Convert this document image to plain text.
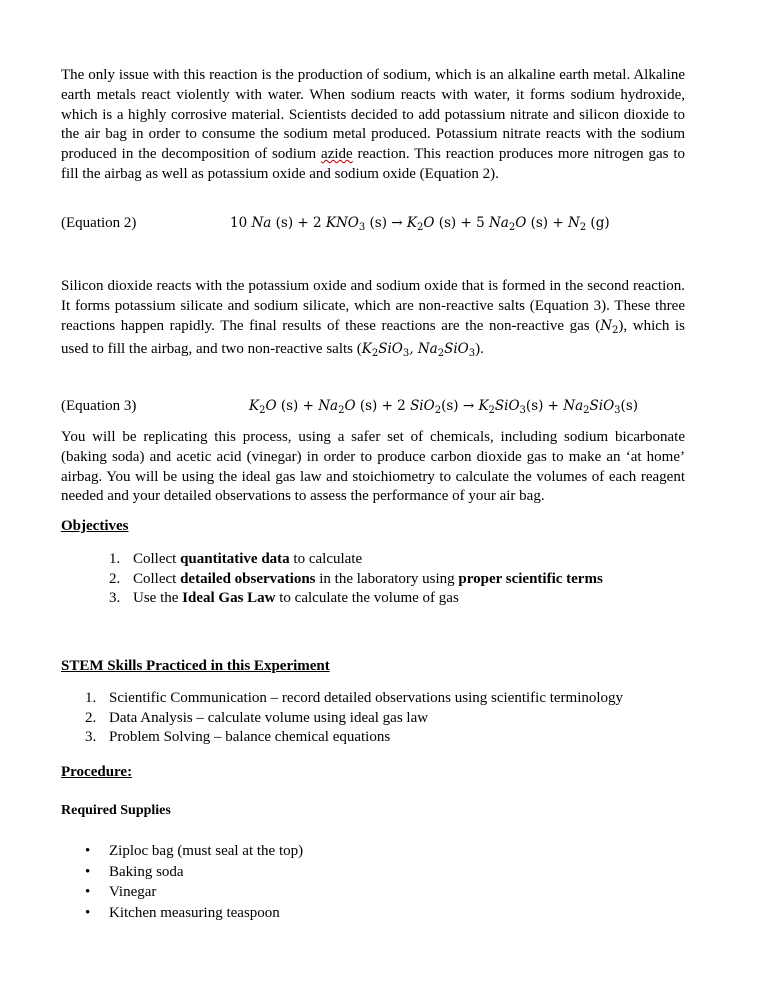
The only issue with this reaction is the production of sodium, which is an alkaline earth metal. Alkaline earth metals react violently with water. When sodium reacts with water, it forms sodium hydroxide, which is a highly corrosive material. Scientists decided to add potassium nitrate and silicon dioxide to the air bag in order to consume the sodium metal produced. Potassium nitrate reacts with the sodium produced in the decomposition of sodium azide reaction. This reaction produces more nitrogen gas to fill the airbag as well as potassium oxide and sodium oxide (Equation 2).

(Equation 2)	10 Na (s) + 2 $KNO_3$ $(s) \to K_2O$ (s) + 5 $Na_2O$ $(s) + N_2$ (g)

Silicon dioxide reacts with the potassium oxide and sodium oxide that is formed in the second reaction. It forms potassium silicate and sodium silicate, which are non-reactive salts (Equation 3). These three reactions happen rapidly. The final results of these reactions are the non-reactive gas $(N_2)$, which is used to fill the airbag, and two non-reactive salts ($K_2SiO_3$, $Na_2SiO_3$).

(Equation 3)	$K_2O$ $(s) + Na_2O$ (s) + 2 $SiO_2(s) \to K_2SiO_3(s) + Na_2SiO_3(s)$

You will be replicating this process, using a safer set of chemicals, including sodium bicarbonate (baking soda) and acetic acid (vinegar) in order to produce carbon dioxide gas to make an ‘at home’ airbag. You will be using the ideal gas law and stoichiometry to calculate the volumes of each reagent needed and your detailed observations to assess the performance of your air bag.

Objectives
1. Collect quantitative data to calculate
2. Collect detailed observations in the laboratory using proper scientific terms
3. Use the Ideal Gas Law to calculate the volume of gas
STEM Skills Practiced in this Experiment
1. Scientific Communication – record detailed observations using scientific terminology
2. Data Analysis – calculate volume using ideal gas law
3. Problem Solving – balance chemical equations
Procedure:
Required Supplies
• Ziploc bag (must seal at the top)
• Baking soda
• Vinegar
• Kitchen measuring teaspoon
